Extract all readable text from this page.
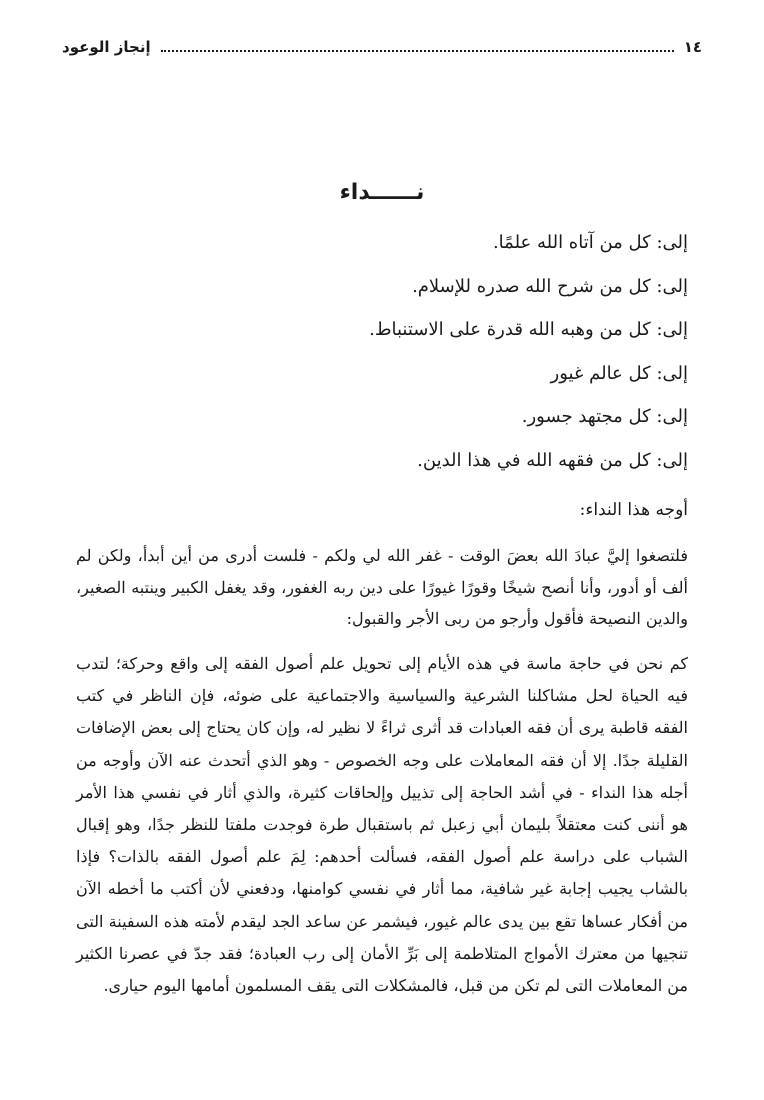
١٤
إنجاز الوعود
نــــــداء
إلى: كل من آتاه الله علمًا.
إلى: كل من شرح الله صدره للإسلام.
إلى: كل من وهبه الله قدرة على الاستنباط.
إلى: كل عالم غيور
إلى: كل مجتهد جسور.
إلى: كل من فقهه الله في هذا الدين.
أوجه هذا النداء:

فلتصغوا إليَّ عبادَ الله بعضَ الوقت - غفر الله لي ولكم - فلست أدرى من أين أبدأ، ولكن لم ألف أو أدور، وأنا أنصح شيخًا وقورًا غيورًا على دين ربه الغفور، وقد يغفل الكبير وينتبه الصغير، والدين النصيحة فأقول وأرجو من ربى الأجر والقبول:

كم نحن في حاجة ماسة في هذه الأيام إلى تحويل علم أصول الفقه إلى واقع وحركة؛ لتدب فيه الحياة لحل مشاكلنا الشرعية والسياسية والاجتماعية على ضوئه، فإن الناظر في كتب الفقه قاطبة يرى أن فقه العبادات قد أثرى ثراءً لا نظير له، وإن كان يحتاج إلى بعض الإضافات القليلة جدًا. إلا أن فقه المعاملات على وجه الخصوص - وهو الذي أتحدث عنه الآن وأوجه من أجله هذا النداء - في أشد الحاجة إلى تذييل وإلحاقات كثيرة، والذي أثار في نفسي هذا الأمر هو أننى كنت معتقلاً بليمان أبي زعبل ثم باستقبال طرة فوجدت ملفتا للنظر جدًا، وهو إقبال الشباب على دراسة علم أصول الفقه، فسألت أحدهم: لِمَ علم أصول الفقه بالذات؟ فإذا بالشاب يجيب إجابة غير شافية، مما أثار في نفسي كوامنها، ودفعني لأن أكتب ما أخطه الآن من أفكار عساها تقع بين يدى عالم غيور، فيشمر عن ساعد الجد ليقدم لأمته هذه السفينة التى تنجيها من معترك الأمواج المتلاطمة إلى بَرِّ الأمان إلى رب العبادة؛ فقد جدّ في عصرنا الكثير من المعاملات التى لم تكن من قبل، فالمشكلات التى يقف المسلمون أمامها اليوم حيارى.
